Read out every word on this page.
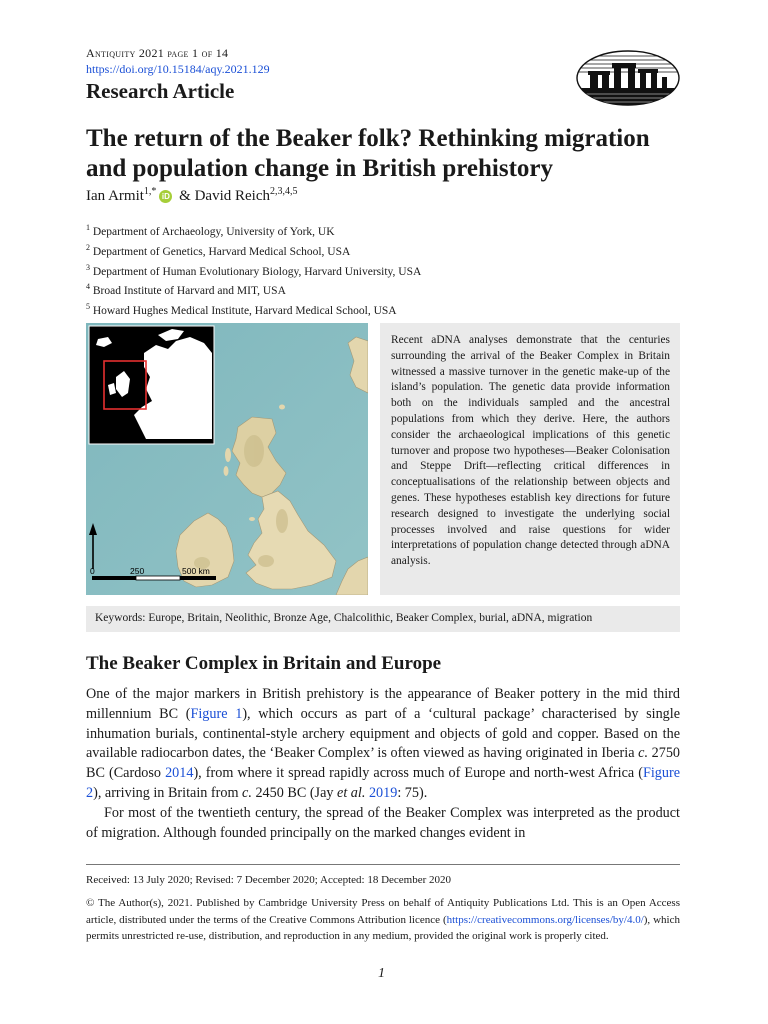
Antiquity 2021 page 1 of 14
https://doi.org/10.15184/aqy.2021.129
Research Article
The return of the Beaker folk? Rethinking migration and population change in British prehistory
Ian Armit$^{1,*}$ iD & David Reich$^{2,3,4,5}$
$^1$ Department of Archaeology, University of York, UK
$^2$ Department of Genetics, Harvard Medical School, USA
$^3$ Department of Human Evolutionary Biology, Harvard University, USA
$^4$ Broad Institute of Harvard and MIT, USA
$^5$ Howard Hughes Medical Institute, Harvard Medical School, USA
0	250	500 km
Recent aDNA analyses demonstrate that the centuries surrounding the arrival of the Beaker Complex in Britain witnessed a massive turnover in the genetic make-up of the island’s population. The genetic data provide information both on the individuals sampled and the ancestral populations from which they derive. Here, the authors consider the archaeological implications of this genetic turnover and propose two hypotheses—Beaker Colonisation and Steppe Drift—reflecting critical differences in conceptualisations of the relationship between objects and genes. These hypotheses establish key directions for future research designed to investigate the underlying social processes involved and raise questions for wider interpretations of population change detected through aDNA analysis.
Keywords: Europe, Britain, Neolithic, Bronze Age, Chalcolithic, Beaker Complex, burial, aDNA, migration
The Beaker Complex in Britain and Europe

One of the major markers in British prehistory is the appearance of Beaker pottery in the mid third millennium BC (Figure 1), which occurs as part of a ‘cultural package’ characterised by single inhumation burials, continental-style archery equipment and objects of gold and copper. Based on the available radiocarbon dates, the ‘Beaker Complex’ is often viewed as having originated in Iberia c. 2750 BC (Cardoso 2014), from where it spread rapidly across much of Europe and north-west Africa (Figure 2), arriving in Britain from c. 2450 BC (Jay et al. 2019: 75).

For most of the twentieth century, the spread of the Beaker Complex was interpreted as the product of migration. Although founded principally on the marked changes evident in

Received: 13 July 2020; Revised: 7 December 2020; Accepted: 18 December 2020
© The Author(s), 2021. Published by Cambridge University Press on behalf of Antiquity Publications Ltd. This is an Open Access article, distributed under the terms of the Creative Commons Attribution licence (https://creativecommons.org/licenses/by/4.0/), which permits unrestricted re-use, distribution, and reproduction in any medium, provided the original work is properly cited.
1
